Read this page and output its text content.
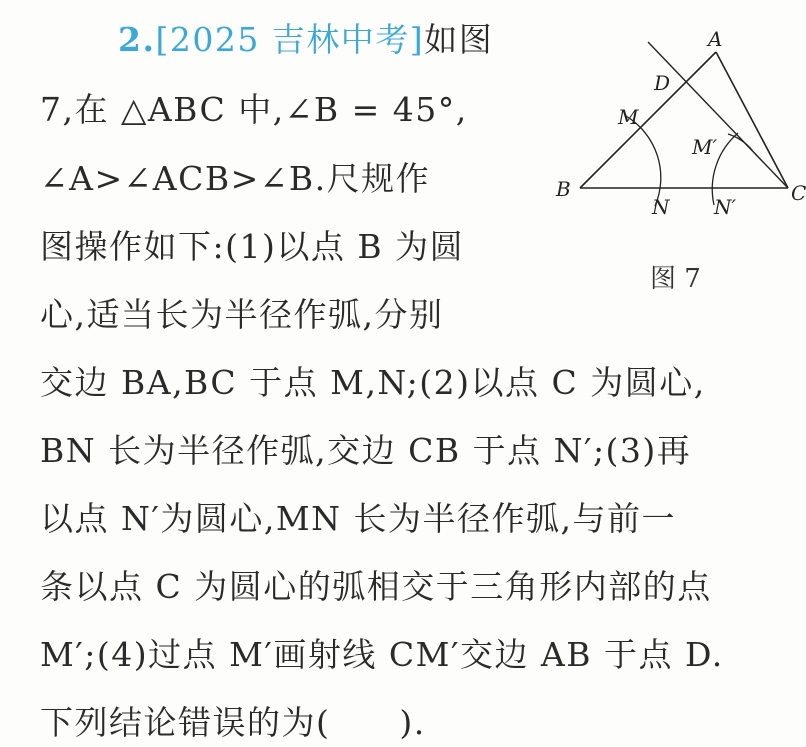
2.[2025 吉林中考]如图
7,在 △ABC 中,∠B = 45°,
∠A>∠ACB>∠B.尺规作
图操作如下:(1)以点 B 为圆
心,适当长为半径作弧,分别
交边 BA,BC 于点 M,N;(2)以点 C 为圆心,
BN 长为半径作弧,交边 CB 于点 N′;(3)再
以点 N′为圆心,MN 长为半径作弧,与前一
条以点 C 为圆心的弧相交于三角形内部的点
M′;(4)过点 M′画射线 CM′交边 AB 于点 D.
下列结论错误的为(　　).
A
B	C
D
M
N
M′
N′
图 7
